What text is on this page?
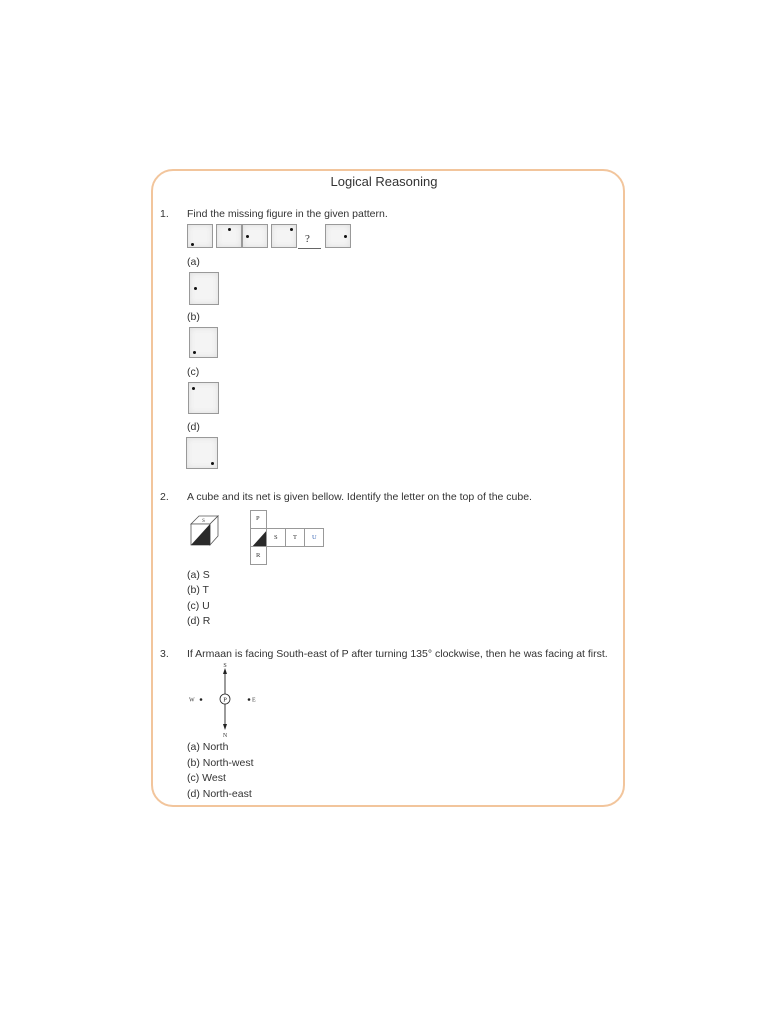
Logical Reasoning
1. Find the missing figure in the given pattern.
?
(a)
(b)
(c)
(d)
2. A cube and its net is given bellow. Identify the letter on the top of the cube.
S	P
S T U
R
(a) S
(b) T
(c) U
(d) R
3. If Armaan is facing South-east of P after turning 135° clockwise, then he was facing at first.
P
S
N
W	E
(a) North
(b) North-west
(c) West
(d) North-east
